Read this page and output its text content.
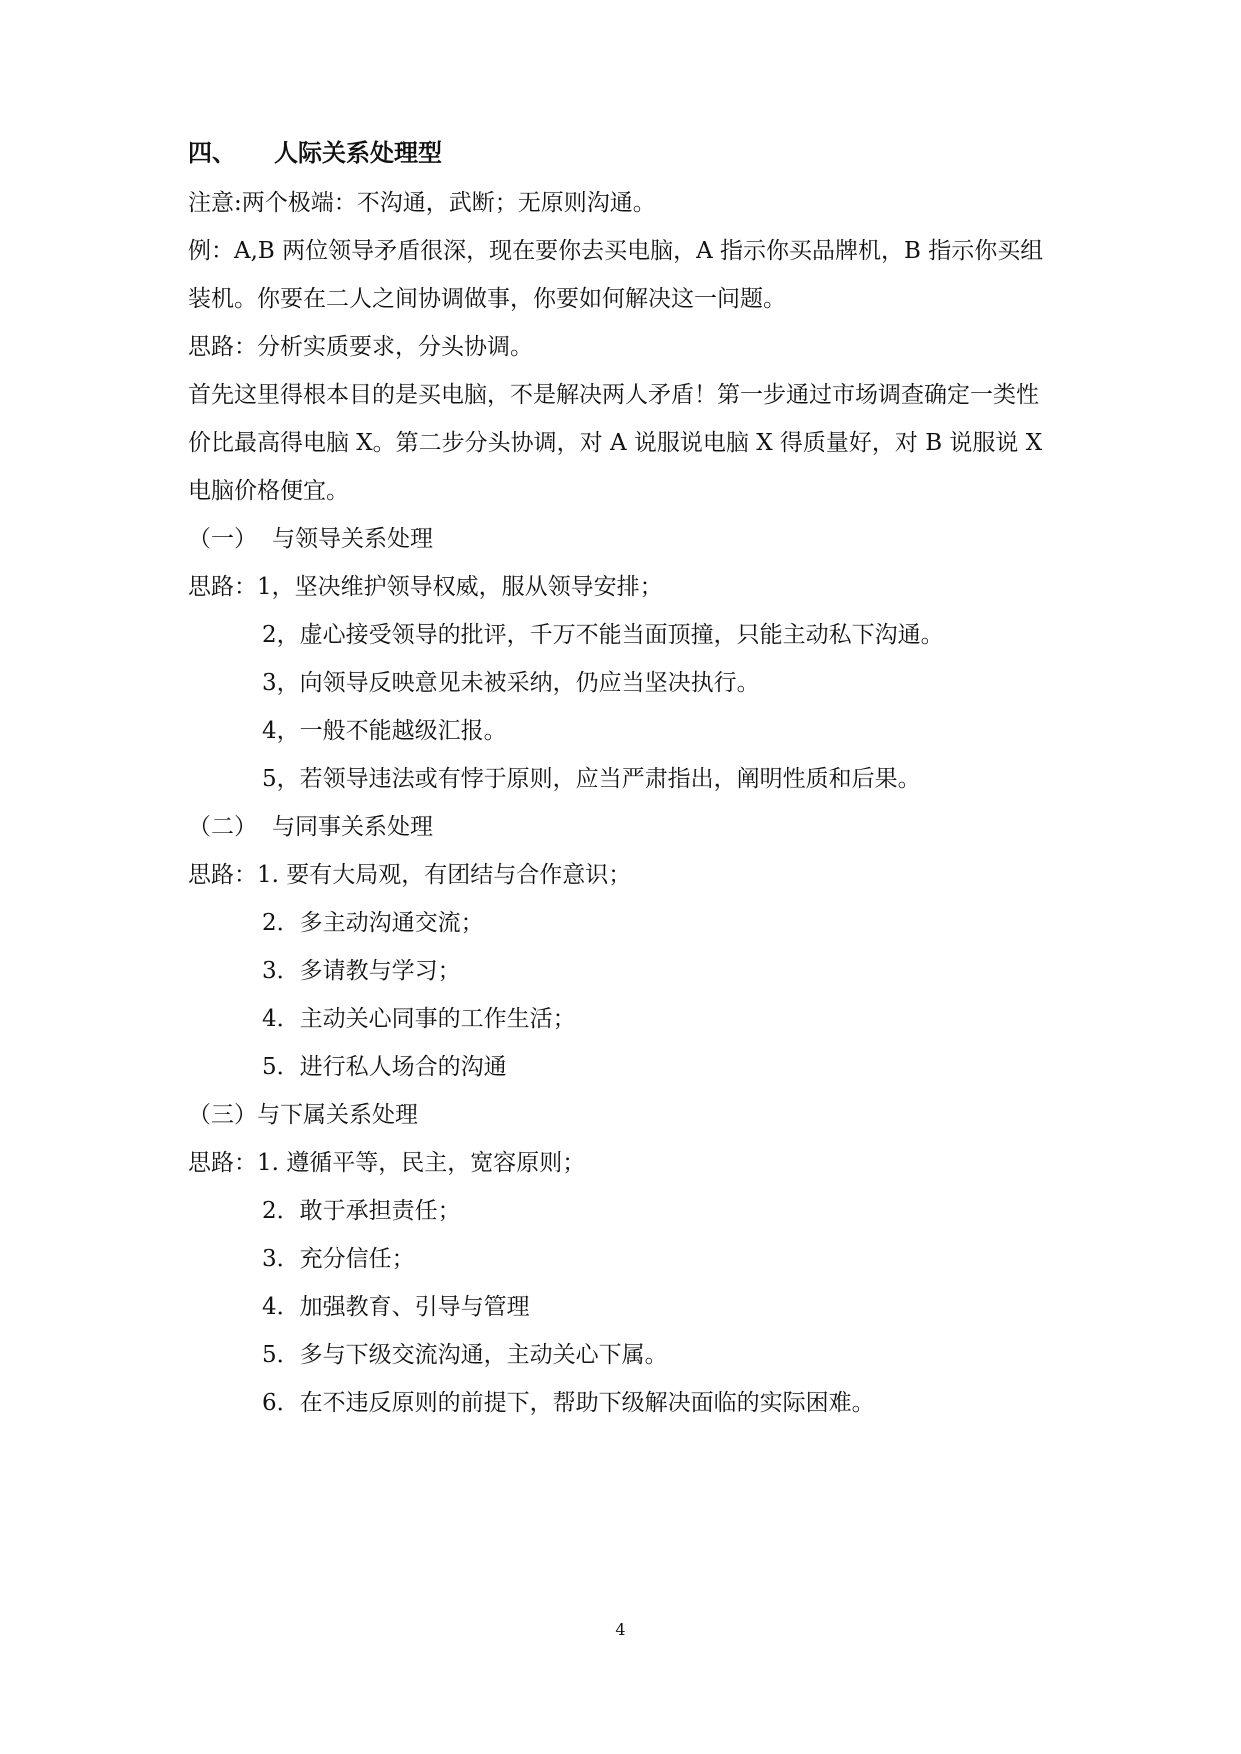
四、 人际关系处理型
注意:两个极端：不沟通，武断；无原则沟通。
例：A,B 两位领导矛盾很深，现在要你去买电脑，A 指示你买品牌机，B 指示你买组
装机。你要在二人之间协调做事，你要如何解决这一问题。
思路：分析实质要求，分头协调。
首先这里得根本目的是买电脑，不是解决两人矛盾！第一步通过市场调查确定一类性
价比最高得电脑 X。第二步分头协调，对 A 说服说电脑 X 得质量好，对 B 说服说 X
电脑价格便宜。
（一） 与领导关系处理
思路：1，坚决维护领导权威，服从领导安排；
2，虚心接受领导的批评，千万不能当面顶撞，只能主动私下沟通。
3，向领导反映意见未被采纳，仍应当坚决执行。
4，一般不能越级汇报。
5，若领导违法或有悖于原则，应当严肃指出，阐明性质和后果。
（二） 与同事关系处理
思路：1. 要有大局观，有团结与合作意识；
2．多主动沟通交流；
3．多请教与学习；
4．主动关心同事的工作生活；
5．进行私人场合的沟通
（三）与下属关系处理
思路：1. 遵循平等，民主，宽容原则；
2．敢于承担责任；
3．充分信任；
4．加强教育、引导与管理
5．多与下级交流沟通，主动关心下属。
6．在不违反原则的前提下，帮助下级解决面临的实际困难。
4
